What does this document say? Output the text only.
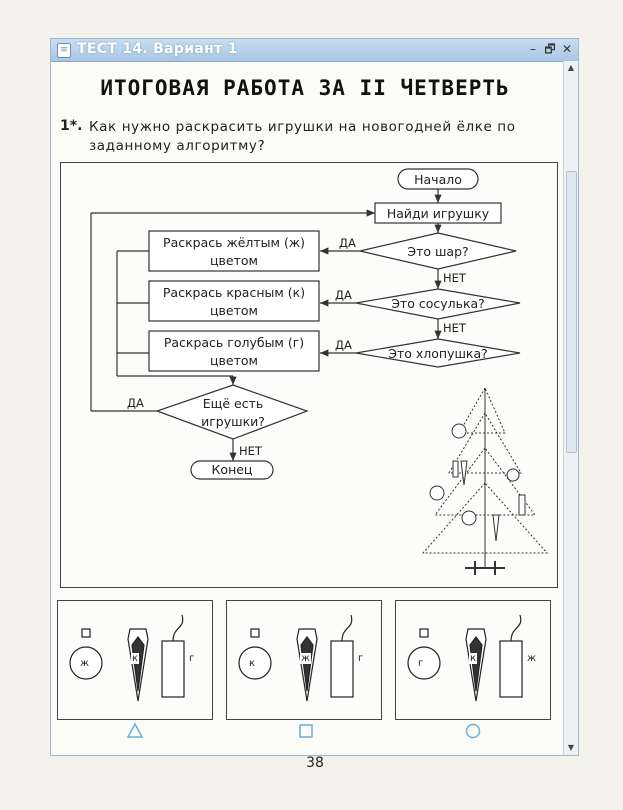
≡ ТЕСТ 14. Вариант 1	– 🗗 ✕
▲
▼
ИТОГОВАЯ РАБОТА ЗА II ЧЕТВЕРТЬ
1*. Как нужно раскрасить игрушки на новогодней ёлке по заданному алгоритму?
Начало
Найди игрушку
Это шар?
Это сосулька?
Это хлопушка?
Раскрась жёлтым (ж)
цветом
Раскрась красным (к)
цветом
Раскрась голубым (г)
цветом
Ещё есть
игрушки?
Конец
ДА
ДА
ДА
ДА
НЕТ
НЕТ
НЕТ
ж	к	г	к	ж	г	г	к	ж
38
